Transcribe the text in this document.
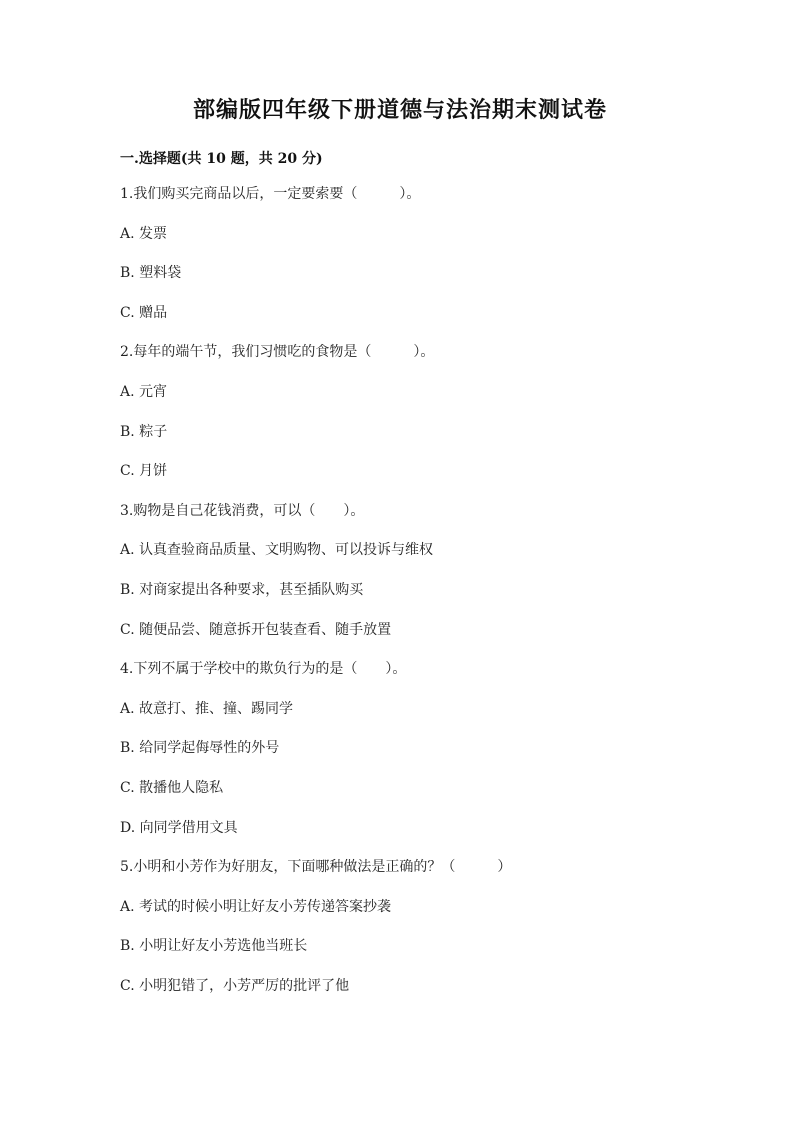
部编版四年级下册道德与法治期末测试卷
一.选择题(共 10 题，共 20 分)
1.我们购买完商品以后，一定要索要（　　　）。
A. 发票
B. 塑料袋
C. 赠品
2.每年的端午节，我们习惯吃的食物是（　　　）。
A. 元宵
B. 粽子
C. 月饼
3.购物是自己花钱消费，可以（　　）。
A. 认真查验商品质量、文明购物、可以投诉与维权
B. 对商家提出各种要求，甚至插队购买
C. 随便品尝、随意拆开包装查看、随手放置
4.下列不属于学校中的欺负行为的是（　　）。
A. 故意打、推、撞、踢同学
B. 给同学起侮辱性的外号
C. 散播他人隐私
D. 向同学借用文具
5.小明和小芳作为好朋友，下面哪种做法是正确的？（　　　）
A. 考试的时候小明让好友小芳传递答案抄袭
B. 小明让好友小芳选他当班长
C. 小明犯错了，小芳严厉的批评了他
